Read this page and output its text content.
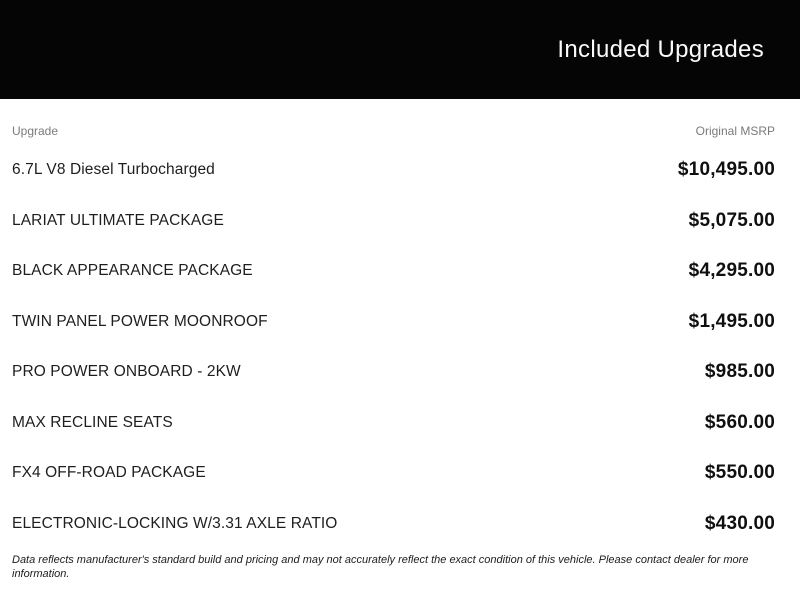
Included Upgrades
Upgrade	Original MSRP
6.7L V8 Diesel Turbocharged	$10,495.00
LARIAT ULTIMATE PACKAGE	$5,075.00
BLACK APPEARANCE PACKAGE	$4,295.00
TWIN PANEL POWER MOONROOF	$1,495.00
PRO POWER ONBOARD - 2KW	$985.00
MAX RECLINE SEATS	$560.00
FX4 OFF-ROAD PACKAGE	$550.00
ELECTRONIC-LOCKING W/3.31 AXLE RATIO	$430.00
Data reflects manufacturer's standard build and pricing and may not accurately reflect the exact condition of this vehicle. Please contact dealer for more information.
